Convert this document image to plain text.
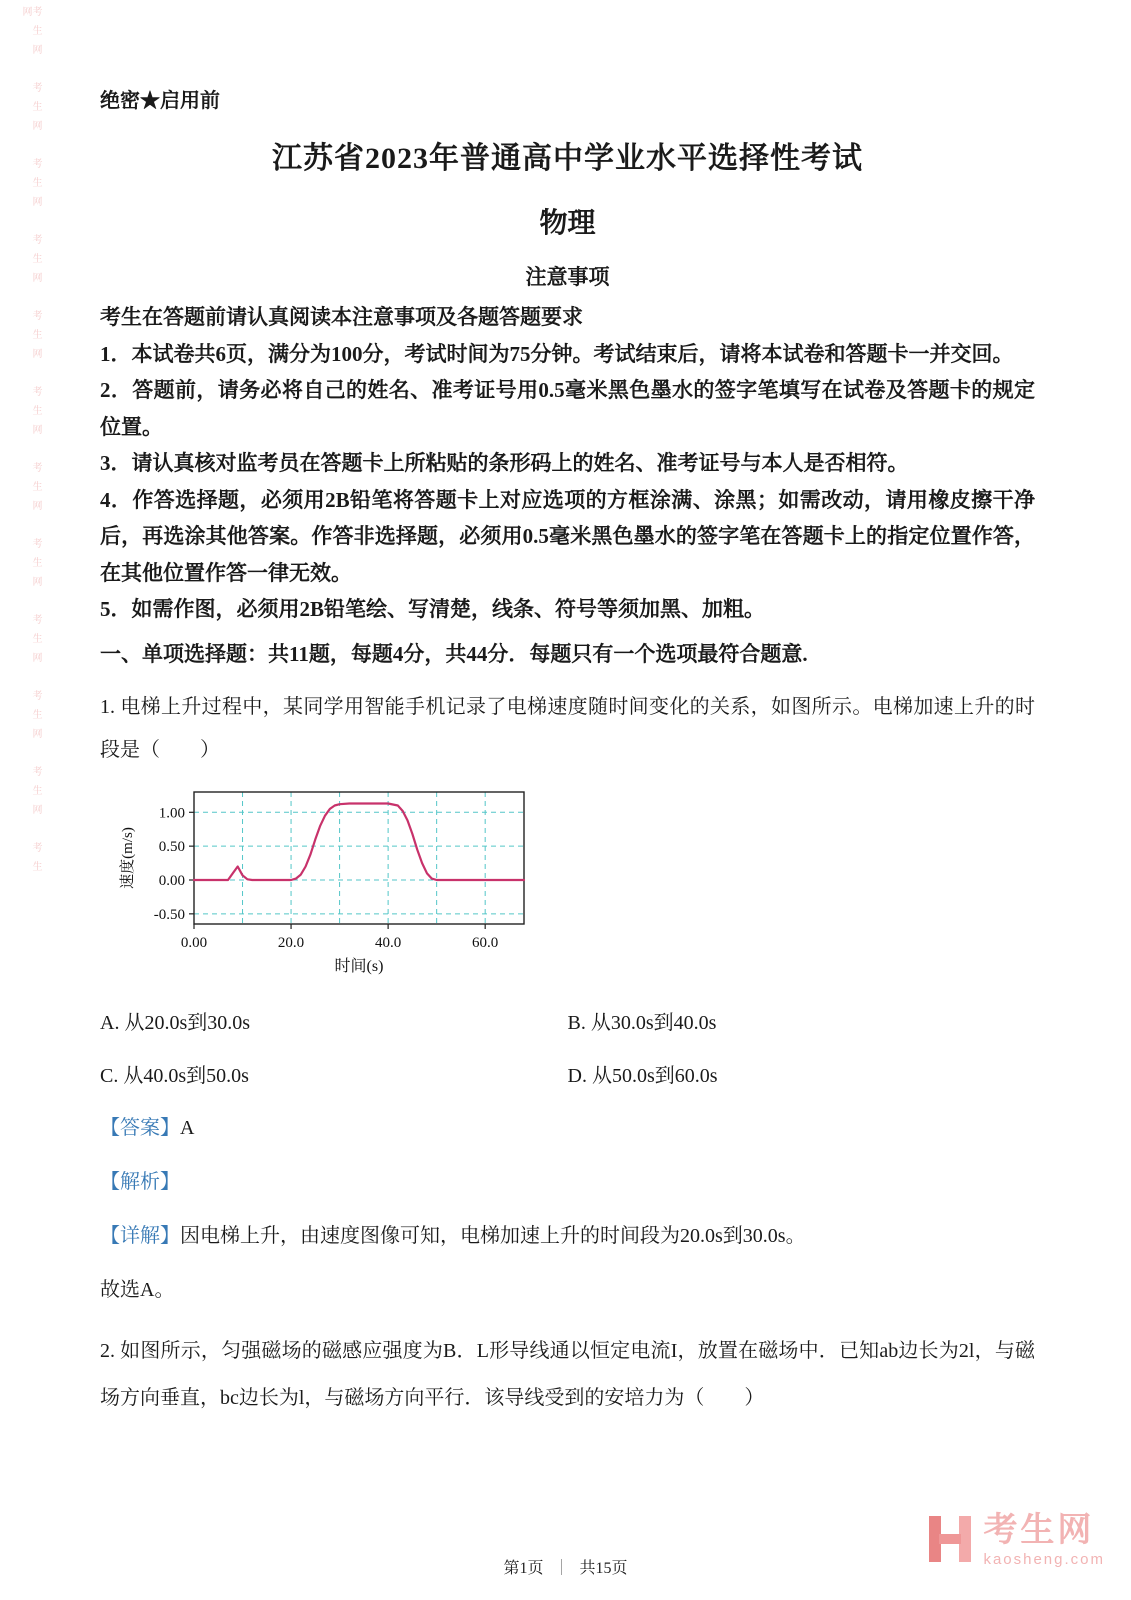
绝密★启用前
江苏省2023年普通高中学业水平选择性考试
物理
注意事项

考生在答题前请认真阅读本注意事项及各题答题要求

1．本试卷共6页，满分为100分，考试时间为75分钟。考试结束后，请将本试卷和答题卡一并交回。

2．答题前，请务必将自己的姓名、准考证号用0.5毫米黑色墨水的签字笔填写在试卷及答题卡的规定位置。

3．请认真核对监考员在答题卡上所粘贴的条形码上的姓名、准考证号与本人是否相符。

4．作答选择题，必须用2B铅笔将答题卡上对应选项的方框涂满、涂黑；如需改动，请用橡皮擦干净后，再选涂其他答案。作答非选择题，必须用0.5毫米黑色墨水的签字笔在答题卡上的指定位置作答，在其他位置作答一律无效。

5．如需作图，必须用2B铅笔绘、写清楚，线条、符号等须加黑、加粗。

一、单项选择题：共11题，每题4分，共44分．每题只有一个选项最符合题意.

1. 电梯上升过程中，某同学用智能手机记录了电梯速度随时间变化的关系，如图所示。电梯加速上升的时段是（　　）

-0.50
0.00
0.50
1.00
0.00	20.0	40.0	60.0
速度(m/s)
时间(s)
A. 从20.0s到30.0s	B. 从30.0s到40.0s
C. 从40.0s到50.0s	D. 从50.0s到60.0s

【答案】A

【解析】

【详解】因电梯上升，由速度图像可知，电梯加速上升的时间段为20.0s到30.0s。

故选A。

2. 如图所示，匀强磁场的磁感应强度为B．L形导线通以恒定电流I，放置在磁场中．已知ab边长为2l，与磁场方向垂直，bc边长为l，与磁场方向平行．该导线受到的安培力为（　　）

考生网　考生网　考生网　考生网　考生网　考生网　考生网　考生网　考生网　考生网　考生网　考生网
第1页 ｜ 共15页
考生网
kaosheng.com
